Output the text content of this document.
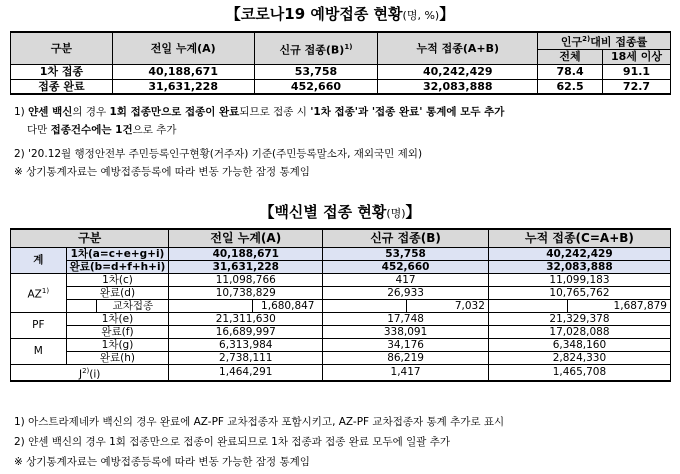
【코로나19 예방접종 현황(명, %)】
구분	전일 누계(A)	신규 접종$(B)^{1)}$	누적 접종(A+B)	인구$^{2)}$대비 접종률	
				전체	18세 이상
1차 접종	40,188,671	53,758	40,242,429	78.4	91.1
접종 완료	31,631,228	452,660	32,083,888	62.5	72.7
1) 얀센 백신의 경우 1회 접종만으로 접종이 완료되므로 접종 시 '1차 접종'과 '접종 완료' 통계에 모두 추가
다만 접종건수에는 1건으로 추가
2) '20.12월 행정안전부 주민등록인구현황(거주자) 기준(주민등록말소자, 재외국민 제외)
※ 상기통계자료는 예방접종등록에 따라 변동 가능한 잠정 통계임
【백신별 접종 현황(명)】
구분			전일 누계(A)		신규 접종(B)		누적 접종(C=A+B)	
계	1차(a=c+e+g+i)		40,188,671		53,758		40,242,429	
	완료(b=d+f+h+i)		31,631,228		452,660		32,083,888	
AZ$^{1)}$	1차(c)		11,098,766		417		11,099,183	
	완료(d)		10,738,829		26,933		10,765,762	
		교차접종		1,680,847		7,032		1,687,879
PF	1차(e)		21,311,630		17,748		21,329,378	
	완료(f)		16,689,997		338,091		17,028,088	
M	1차(g)		6,313,984		34,176		6,348,160	
	완료(h)		2,738,111		86,219		2,824,330	
$J^{2)}(i)$			1,464,291		1,417		1,465,708	
1) 아스트라제네카 백신의 경우 완료에 AZ-PF 교차접종자 포함시키고, AZ-PF 교차접종자 통계 추가로 표시
2) 얀센 백신의 경우 1회 접종만으로 접종이 완료되므로 1차 접종과 접종 완료 모두에 일괄 추가
※ 상기통계자료는 예방접종등록에 따라 변동 가능한 잠정 통계임
